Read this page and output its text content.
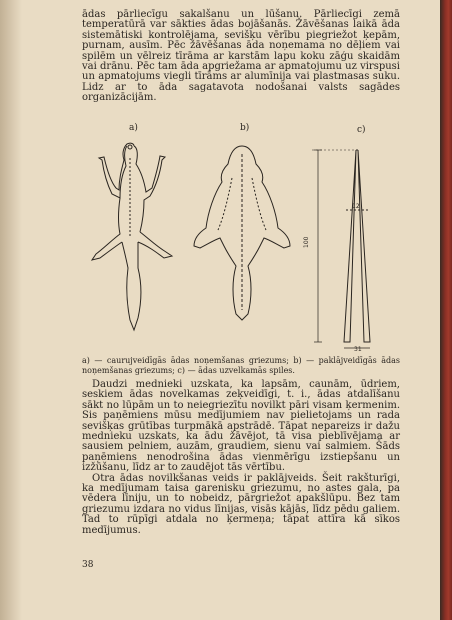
ādas pārliecīgu sakalšanu un lūšanu. Pārliecīgi zemā temperatūrā var sākties ādas bojāšanās. Žāvēšanas laikā āda sistemātiski kontrolējama, sevišķu vērību piegriežot ķepām, purnam, ausīm. Pēc žāvēšanas āda noņemama no dēļiem vai spilēm un vēlreiz tīrāma ar karstām lapu koku zāģu skaidām vai drānu. Pēc tam āda apgriežama ar apmatojumu uz virspusi un apmatojums viegli tīrāms ar alumīnija vai plastmasas suku. Lidz ar to āda sagatavota nodošanai valsts sagādes organizācijām.

a)	b)	c)
100
12
31
a) — caurujveidīgās ādas noņemšanas griezums; b) — paklājveidīgās ādas noņemšanas griezums; c) — ādas uzvelkamās spiles.

Daudzi mednieki uzskata, ka lapsām, caunām, ūdriem, seskiem ādas novelkamas zeķveidīgi, t. i., ādas atdalīšanu sākt no lūpām un to neiegriezītu novilkt pāri visam ķermenim. Sis paņēmiens mūsu medījumiem nav pielietojams un rada sevišķas grūtības turpmākā apstrādē. Tāpat nepareizs ir dažu mednieku uzskats, ka ādu žāvējot, tā visa pieblīvējama ar sausiem pelniem, auzām, graudiem, sienu vai salmiem. Šāds paņēmiens nenodrošina ādas vienmērīgu izstiepšanu un izžūšanu, līdz ar to zaudējot tās vērtību.

Otra ādas novilkšanas veids ir paklājveids. Šeit rakšturīgi, ka medījumam taisa garenisku griezumu, no astes gala, pa vēdera līniju, un to nobeidz, pārgriežot apakšlūpu. Bez tam griezumu izdara no vidus līnijas, visās kājās, līdz pēdu galiem. Tad to rūpīgi atdala no ķermeņa; tāpat attīra kā sīkos medījumus.

38
